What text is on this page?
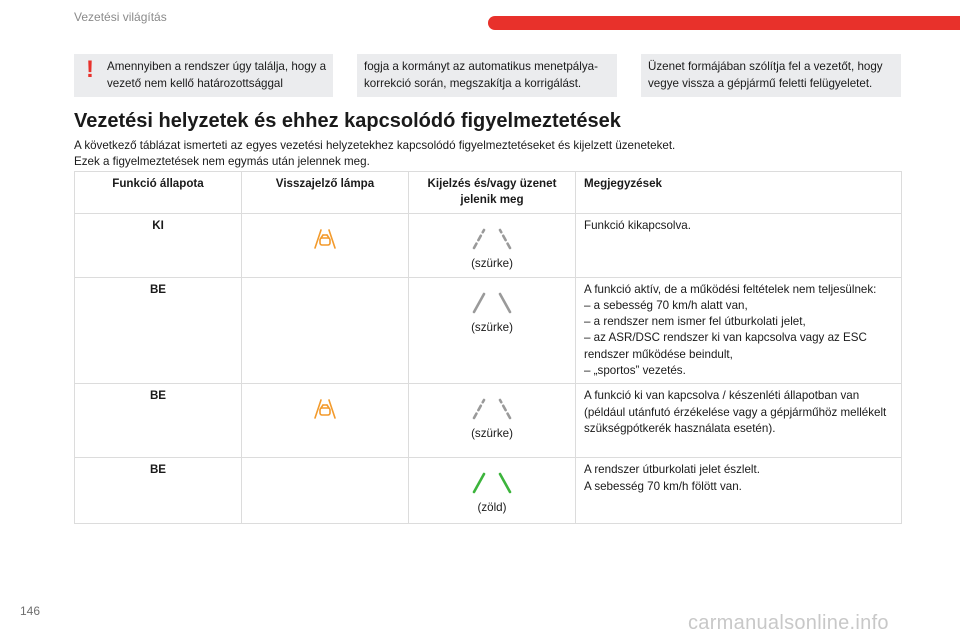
Vezetési világítás
! Amennyiben a rendszer úgy találja, hogy a vezető nem kellő határozottsággal
fogja a kormányt az automatikus menetpálya-korrekció során, megszakítja a korrigálást.
Üzenet formájában szólítja fel a vezetőt, hogy vegye vissza a gépjármű feletti felügyeletet.
Vezetési helyzetek és ehhez kapcsolódó figyelmeztetések
A következő táblázat ismerteti az egyes vezetési helyzetekhez kapcsolódó figyelmeztetéseket és kijelzett üzeneteket.
Ezek a figyelmeztetések nem egymás után jelennek meg.
Funkció állapota	Visszajelző lámpa	Kijelzés és/vagy üzenet jelenik meg	Megjegyzések
KI		(szürke)	Funkció kikapcsolva.

BE		(szürke)	A funkció aktív, de a működési feltételek nem teljesülnek:
– a sebesség 70 km/h alatt van,
– a rendszer nem ismer fel útburkolati jelet,
– az ASR/DSC rendszer ki van kapcsolva vagy az ESC rendszer működése beindult,
– „sportos” vezetés.

BE		(szürke)	A funkció ki van kapcsolva / készenléti állapotban van (például utánfutó érzékelése vagy a gépjárműhöz mellékelt szükségpótkerék használata esetén).

BE		(zöld)	A rendszer útburkolati jelet észlelt.
A sebesség 70 km/h fölött van.
146
carmanualsonline.info
